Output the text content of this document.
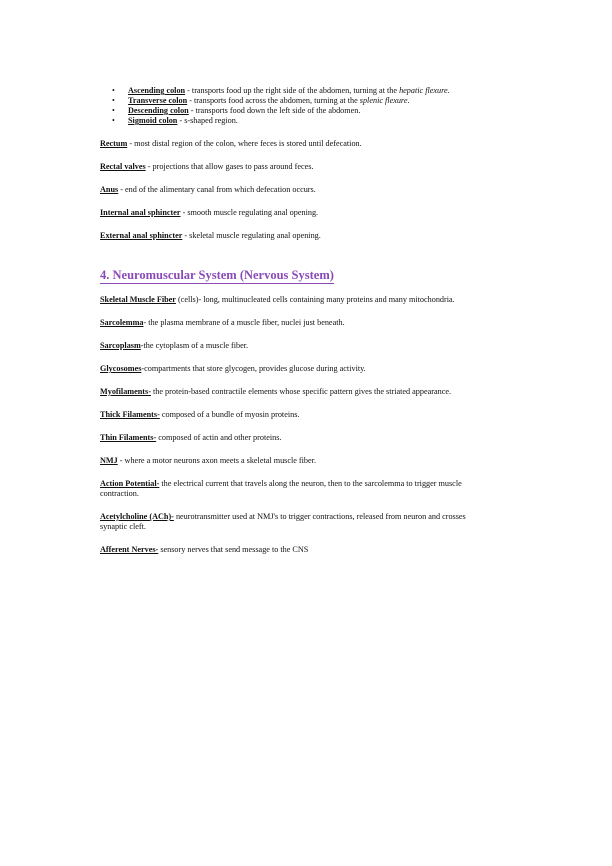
• Ascending colon - transports food up the right side of the abdomen, turning at the hepatic flexure.
• Transverse colon - transports food across the abdomen, turning at the splenic flexure.
• Descending colon - transports food down the left side of the abdomen.
• Sigmoid colon - s-shaped region.

Rectum - most distal region of the colon, where feces is stored until defecation.

Rectal valves - projections that allow gases to pass around feces.

Anus - end of the alimentary canal from which defecation occurs.

Internal anal sphincter - smooth muscle regulating anal opening.

External anal sphincter - skeletal muscle regulating anal opening.

4. Neuromuscular System (Nervous System)

Skeletal Muscle Fiber (cells)- long, multinucleated cells containing many proteins and many mitochondria.

Sarcolemma- the plasma membrane of a muscle fiber, nuclei just beneath.

Sarcoplasm-the cytoplasm of a muscle fiber.

Glycosomes-compartments that store glycogen, provides glucose during activity.

Myofilaments- the protein-based contractile elements whose specific pattern gives the striated appearance.

Thick Filaments- composed of a bundle of myosin proteins.

Thin Filaments- composed of actin and other proteins.

NMJ - where a motor neurons axon meets a skeletal muscle fiber.

Action Potential- the electrical current that travels along the neuron, then to the sarcolemma to trigger muscle contraction.

Acetylcholine (ACh)- neurotransmitter used at NMJ's to trigger contractions, released from neuron and crosses synaptic cleft.

Afferent Nerves- sensory nerves that send message to the CNS
